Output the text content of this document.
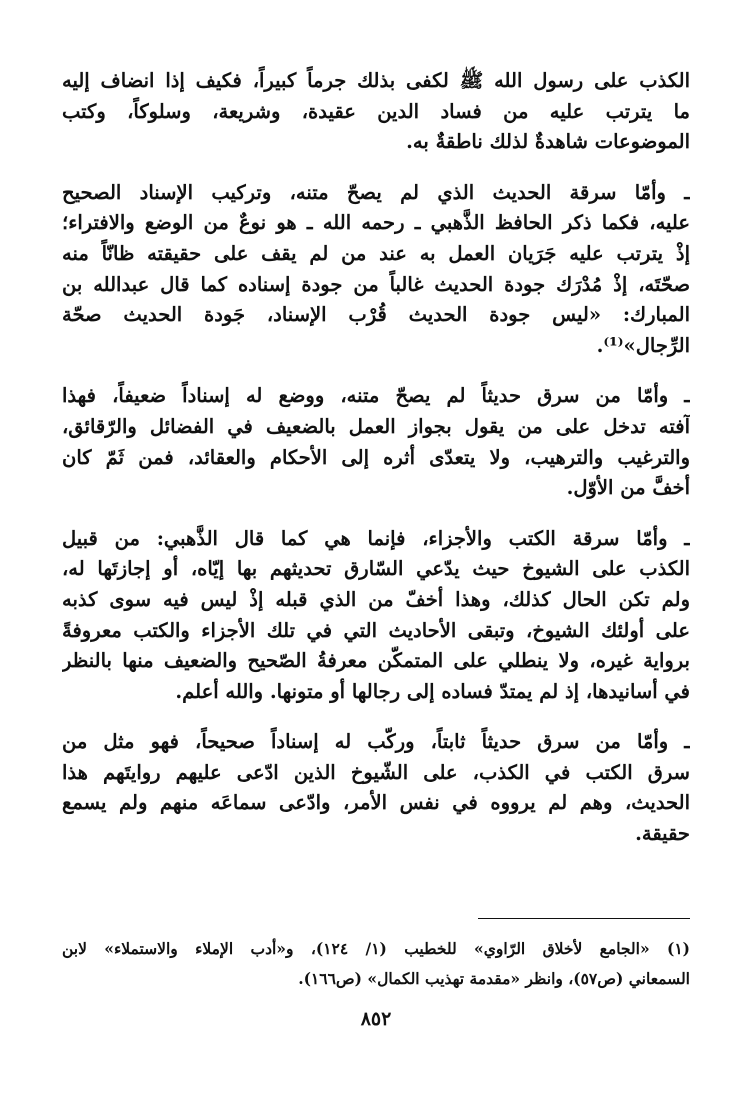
الكذب على رسول الله ﷺ لكفى بذلك جرماً كبيراً، فكيف إذا انضاف إليه
ما يترتب عليه من فساد الدين عقيدة، وشريعة، وسلوكاً، وكتب
الموضوعات شاهدةٌ لذلك ناطقةٌ به.
ـ وأمّا سرقة الحديث الذي لم يصحّ متنه، وتركيب الإسناد الصحيح
عليه، فكما ذكر الحافظ الذَّهبي ـ رحمه الله ـ هو نوعٌ من الوضع والافتراء؛
إذْ يترتب عليه جَرَيان العمل به عند من لم يقف على حقيقته ظانّاً منه
صحّتَه، إذْ مُدْرَك جودة الحديث غالباً من جودة إسناده كما قال عبدالله بن
المبارك: «ليس جودة الحديث قُرْب الإسناد، جَودة الحديث صحّة
الرِّجال»⁽¹⁾.
ـ وأمّا من سرق حديثاً لم يصحّ متنه، ووضع له إسناداً ضعيفاً، فهذا
آفته تدخل على من يقول بجواز العمل بالضعيف في الفضائل والرّقائق،
والترغيب والترهيب، ولا يتعدّى أثره إلى الأحكام والعقائد، فمن ثَمّ كان
أخفَّ من الأوّل.
ـ وأمّا سرقة الكتب والأجزاء، فإنما هي كما قال الذَّهبي: من قبيل
الكذب على الشيوخ حيث يدّعي السّارق تحديثهم بها إيّاه، أو إجازتَها له،
ولم تكن الحال كذلك، وهذا أخفّ من الذي قبله إذْ ليس فيه سوى كذبه
على أولئك الشيوخ، وتبقى الأحاديث التي في تلك الأجزاء والكتب معروفةً
برواية غيره، ولا ينطلي على المتمكّن معرفةُ الصّحيح والضعيف منها بالنظر
في أسانيدها، إذ لم يمتدّ فساده إلى رجالها أو متونها. والله أعلم.
ـ وأمّا من سرق حديثاً ثابتاً، وركّب له إسناداً صحيحاً، فهو مثل من
سرق الكتب في الكذب، على الشّيوخ الذين ادّعى عليهم روايتَهم هذا
الحديث، وهم لم يرووه في نفس الأمر، وادّعى سماعَه منهم ولم يسمع
حقيقة.
(١) «الجامع لأخلاق الرّاوي» للخطيب (١/ ١٢٤)، و«أدب الإملاء والاستملاء» لابن
السمعاني (ص٥٧)، وانظر «مقدمة تهذيب الكمال» (ص١٦٦).
٨٥٢
